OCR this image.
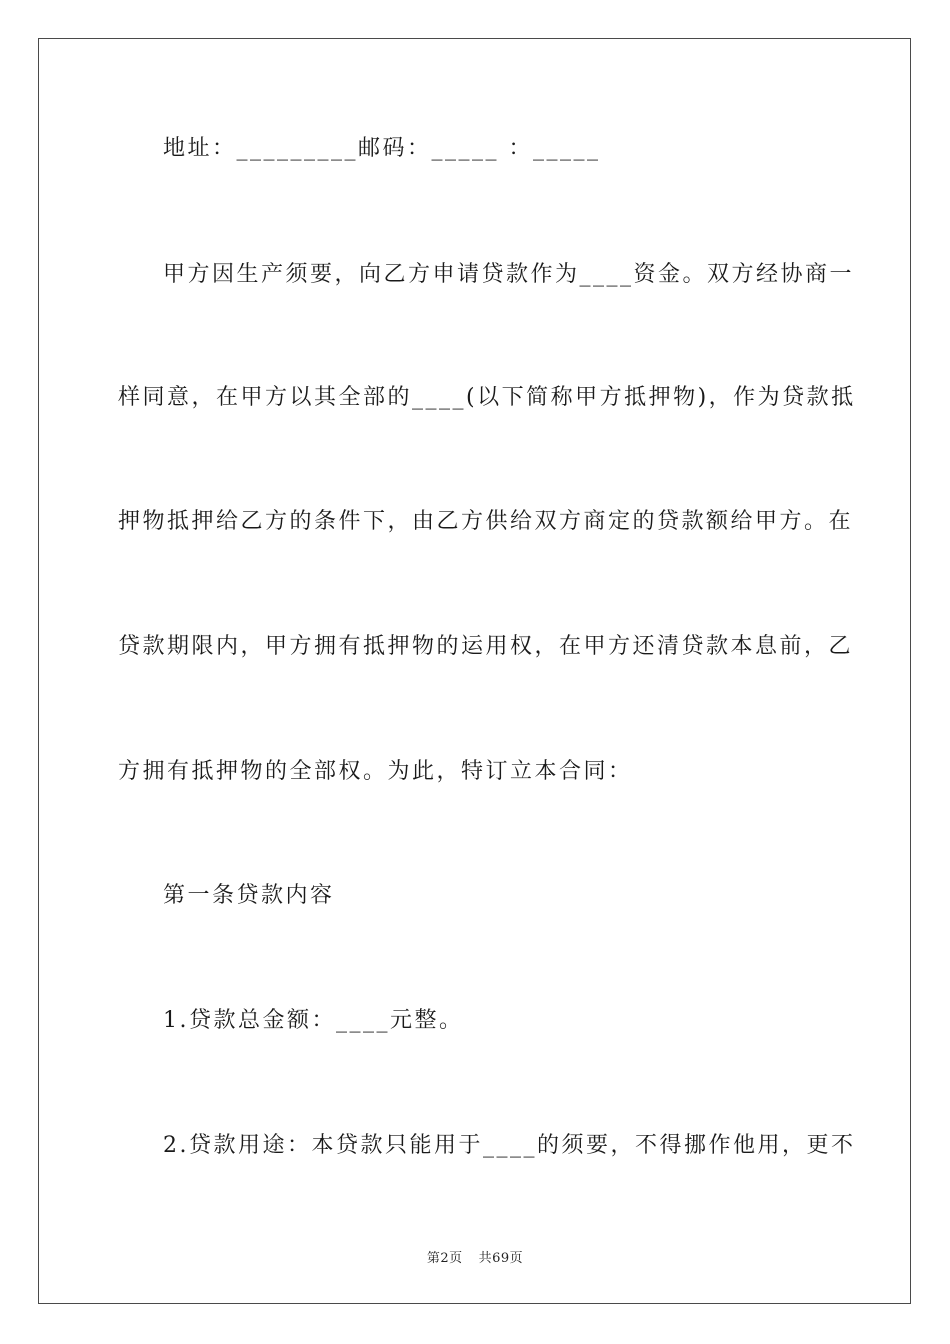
地址：_________邮码：_____ ：_____
甲方因生产须要，向乙方申请贷款作为____资金。双方经协商一
样同意，在甲方以其全部的____(以下简称甲方抵押物)，作为贷款抵
押物抵押给乙方的条件下，由乙方供给双方商定的贷款额给甲方。在
贷款期限内，甲方拥有抵押物的运用权，在甲方还清贷款本息前，乙
方拥有抵押物的全部权。为此，特订立本合同：
第一条贷款内容
1.贷款总金额：____元整。
2.贷款用途：本贷款只能用于____的须要，不得挪作他用，更不
第2页 共69页
